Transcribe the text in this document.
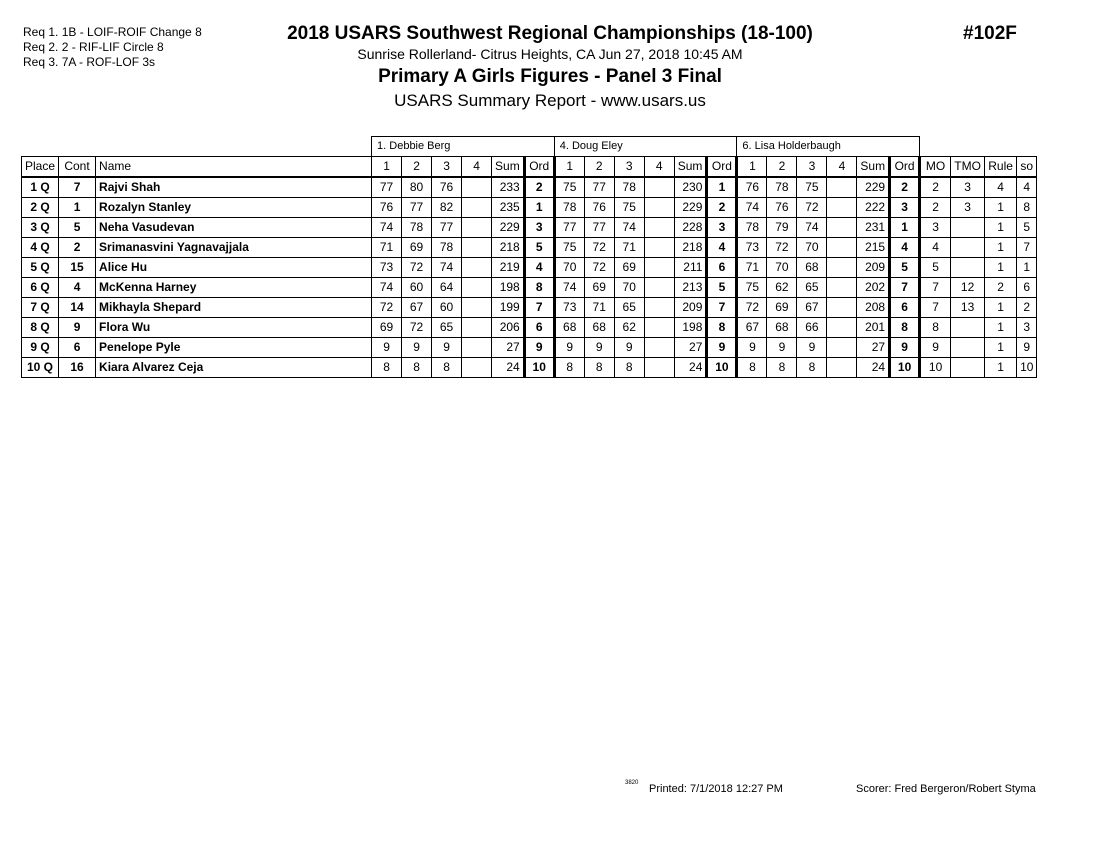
Req 1. 1B - LOIF-ROIF Change 8
Req 2. 2 - RIF-LIF Circle 8
Req 3. 7A - ROF-LOF 3s
2018 USARS Southwest Regional Championships (18-100)
Sunrise Rollerland- Citrus Heights, CA Jun 27, 2018 10:45 AM
Primary A Girls Figures - Panel 3 Final
USARS Summary Report - www.usars.us
#102F
			1. Debbie Berg						4. Doug Eley						6. Lisa Holderbaugh									
Place	Cont	Name	1	2	3	4	Sum	Ord	1	2	3	4	Sum	Ord	1	2	3	4	Sum	Ord	MO	TMO	Rule	so
1 Q	7	Rajvi Shah	77	80	76		233	2	75	77	78		230	1	76	78	75		229	2	2	3	4	4
2 Q	1	Rozalyn Stanley	76	77	82		235	1	78	76	75		229	2	74	76	72		222	3	2	3	1	8
3 Q	5	Neha Vasudevan	74	78	77		229	3	77	77	74		228	3	78	79	74		231	1	3		1	5
4 Q	2	Srimanasvini Yagnavajjala	71	69	78		218	5	75	72	71		218	4	73	72	70		215	4	4		1	7
5 Q	15	Alice Hu	73	72	74		219	4	70	72	69		211	6	71	70	68		209	5	5		1	1
6 Q	4	McKenna Harney	74	60	64		198	8	74	69	70		213	5	75	62	65		202	7	7	12	2	6
7 Q	14	Mikhayla Shepard	72	67	60		199	7	73	71	65		209	7	72	69	67		208	6	7	13	1	2
8 Q	9	Flora Wu	69	72	65		206	6	68	68	62		198	8	67	68	66		201	8	8		1	3
9 Q	6	Penelope Pyle	9	9	9		27	9	9	9	9		27	9	9	9	9		27	9	9		1	9
10 Q	16	Kiara Alvarez Ceja	8	8	8		24	10	8	8	8		24	10	8	8	8		24	10	10		1	10
3820 Printed: 7/1/2018 12:27 PM	Scorer: Fred Bergeron/Robert Styma
